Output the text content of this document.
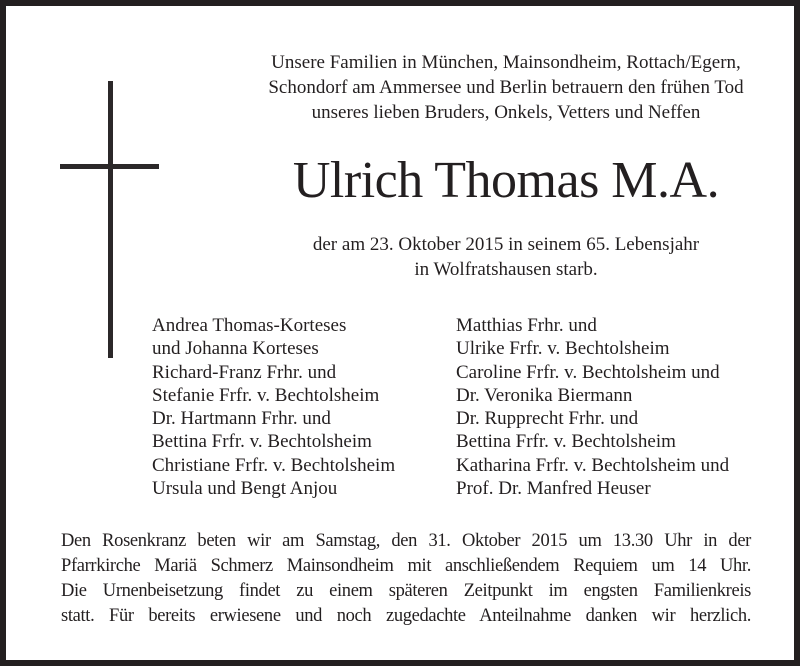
Unsere Familien in München, Mainsondheim, Rottach/Egern,
Schondorf am Ammersee und Berlin betrauern den frühen Tod
unseres lieben Bruders, Onkels, Vetters und Neffen
Ulrich Thomas M.A.
der am 23. Oktober 2015 in seinem 65. Lebensjahr
in Wolfratshausen starb.
Andrea Thomas-Korteses
und Johanna Korteses
Richard-Franz Frhr. und
Stefanie Frfr. v. Bechtolsheim
Dr. Hartmann Frhr. und
Bettina Frfr. v. Bechtolsheim
Christiane Frfr. v. Bechtolsheim
Ursula und Bengt Anjou
Matthias Frhr. und
Ulrike Frfr. v. Bechtolsheim
Caroline Frfr. v. Bechtolsheim und
Dr. Veronika Biermann
Dr. Rupprecht Frhr. und
Bettina Frfr. v. Bechtolsheim
Katharina Frfr. v. Bechtolsheim und
Prof. Dr. Manfred Heuser
Den Rosenkranz beten wir am Samstag, den 31. Oktober 2015 um 13.30 Uhr in der
Pfarrkirche Mariä Schmerz Mainsondheim mit anschließendem Requiem um 14 Uhr.
Die Urnenbeisetzung findet zu einem späteren Zeitpunkt im engsten Familienkreis
statt. Für bereits erwiesene und noch zugedachte Anteilnahme danken wir herzlich.
